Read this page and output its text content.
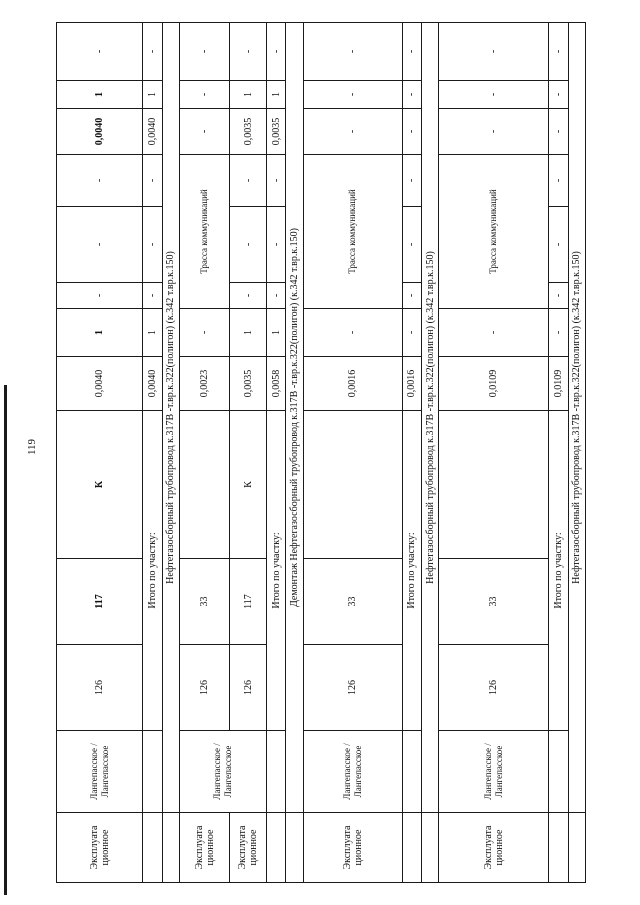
119
Эксплуата ционное	Лангепасское / Лангепасское	126	117	К	0,0040	1	-	-	-	0,0040	1	-
		Итого по участку:			0,0040	1	-	-	-	0,0040	1	-
	Нефтегазосборный трубопровод к.317В -т.вр.к.322(полигон) (к.342 т.вр.к.150)											
Эксплуата ционное	Лангепасское / Лангепасское	126	33		0,0023	-	Трасса коммуникаций			-	-	-
Эксплуата ционное		126	117	К	0,0035	1	-	-	-	0,0035	1	-
		Итого по участку:			0,0058	1	-	-	-	0,0035	1	-
	Демонтаж Нефтегазосборный трубопровод к.317В -т.вр.к.322(полигон) (к.342 т.вр.к.150)											
Эксплуата ционное	Лангепасское / Лангепасское	126	33		0,0016	-	Трасса коммуникаций			-	-	-
		Итого по участку:			0,0016	-	-	-	-	-	-	-
	Нефтегазосборный трубопровод к.317В -т.вр.к.322(полигон) (к.342 т.вр.к.150)											
Эксплуата ционное	Лангепасское / Лангепасское	126	33		0,0109	-	Трасса коммуникаций			-	-	-
		Итого по участку:			0,0109	-	-	-	-	-	-	-
	Нефтегазосборный трубопровод к.317В -т.вр.к.322(полигон) (к.342 т.вр.к.150)											
